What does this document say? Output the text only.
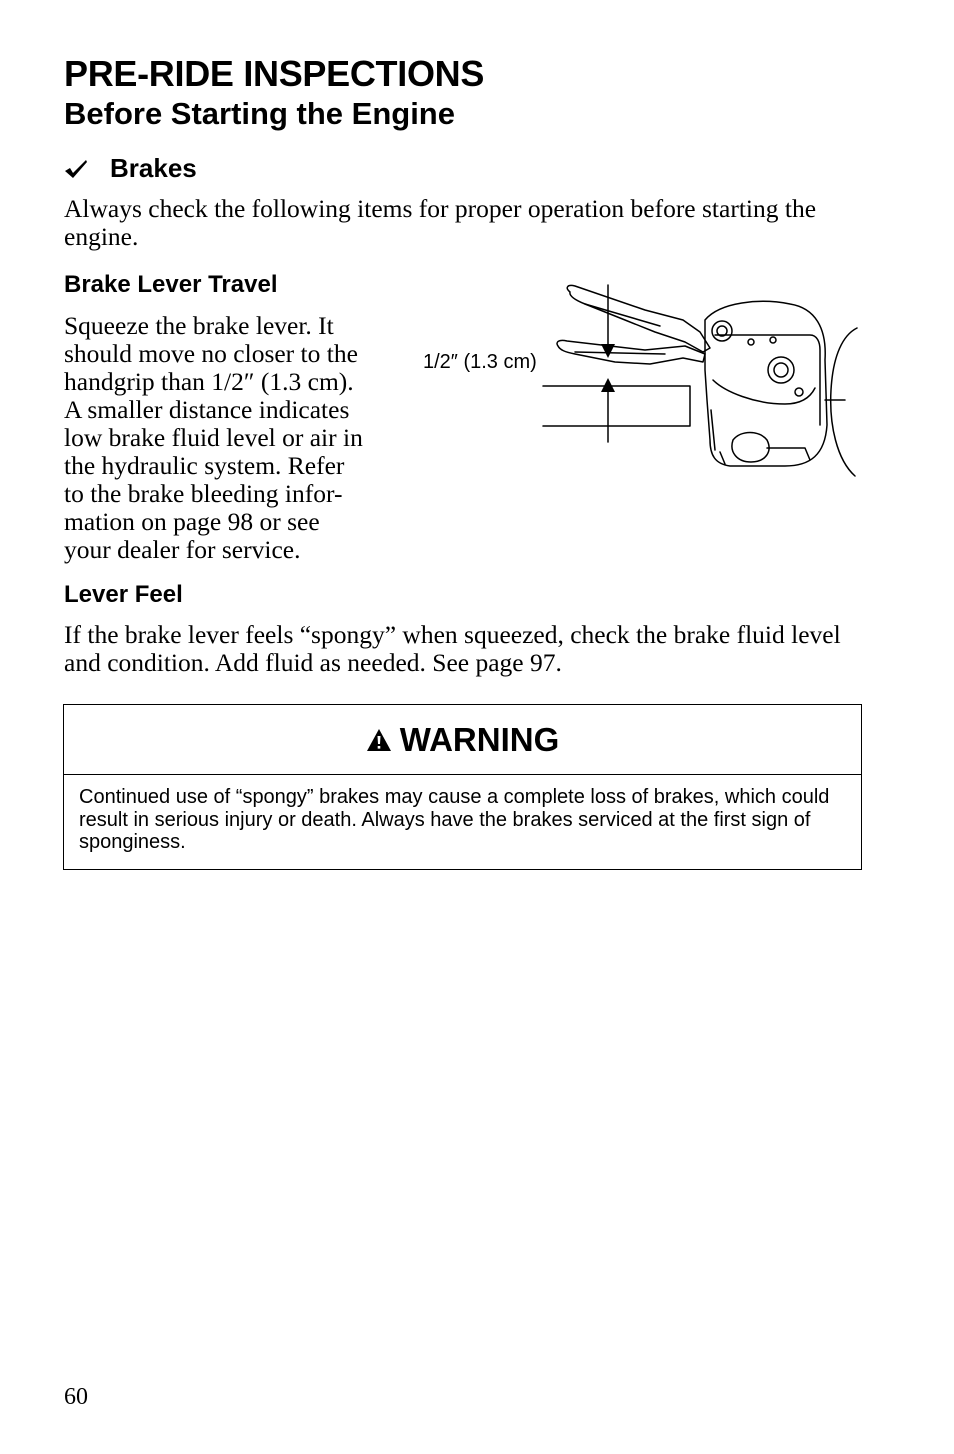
PRE-RIDE INSPECTIONS
Before Starting the Engine
Brakes

Always check the following items for proper operation before starting the engine.

Brake Lever Travel

Squeeze the brake lever. It
should move no closer to the
handgrip than 1/2″ (1.3 cm).
A smaller distance indicates
low brake fluid level or air in
the hydraulic system. Refer
to the brake bleeding infor-
mation on page 98 or see
your dealer for service.

1/2″ (1.3 cm)
Lever Feel

If the brake lever feels “spongy” when squeezed, check the brake fluid level and condition. Add fluid as needed. See page 97.

WARNING

Continued use of “spongy” brakes may cause a complete loss of brakes, which could result in serious injury or death. Always have the brakes serviced at the first sign of sponginess.

60
